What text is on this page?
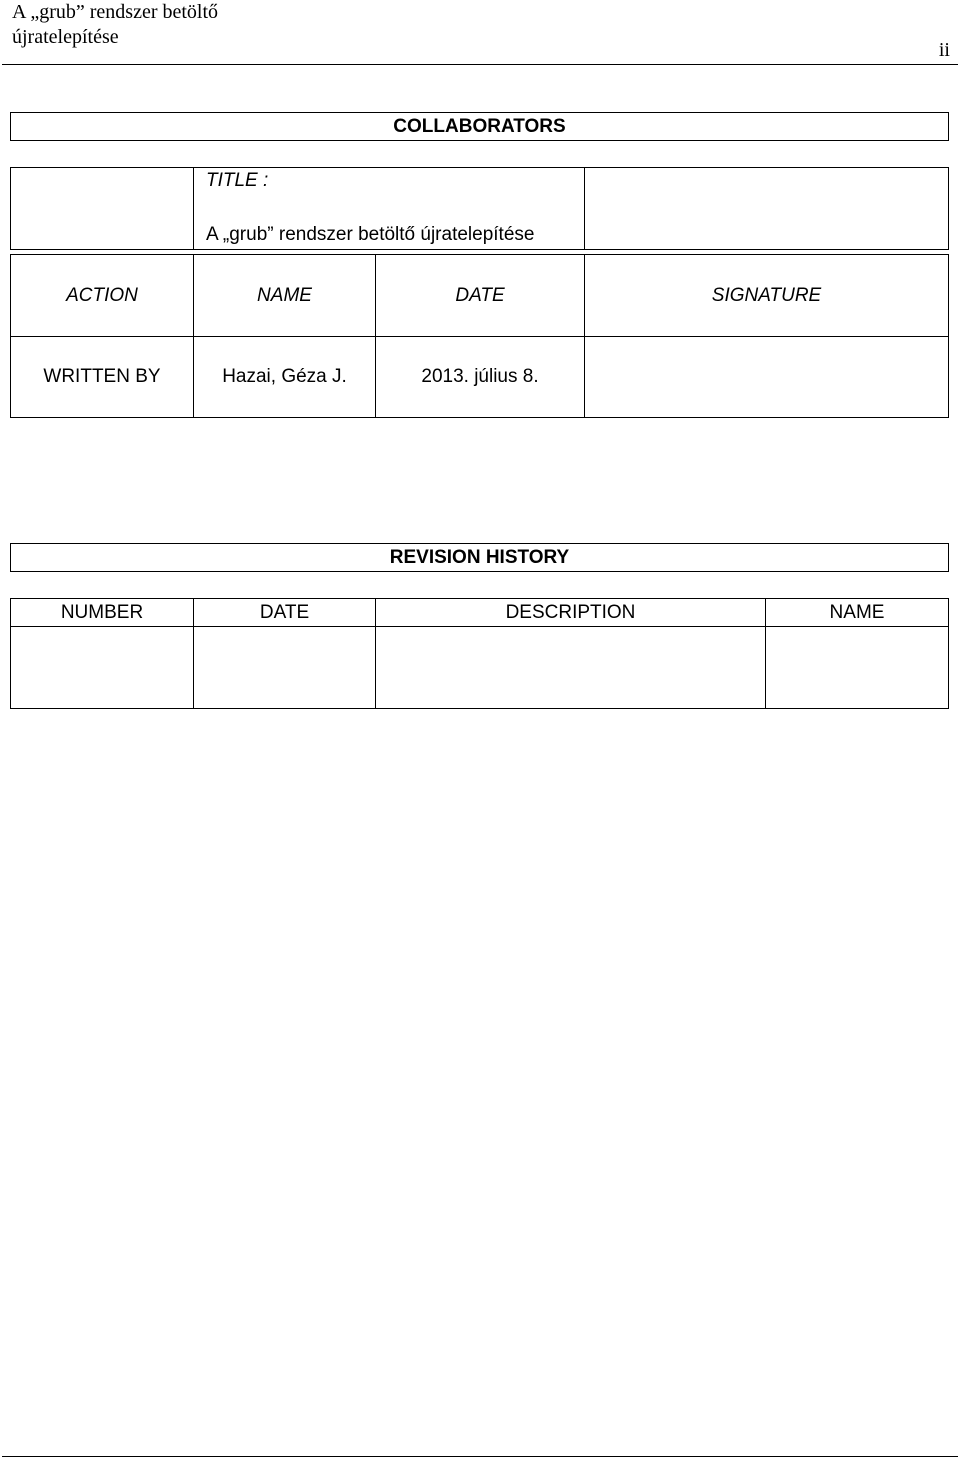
A „grub” rendszer betöltő újratelepítése
ii
COLLABORATORS
TITLE :
A „grub” rendszer betöltő újratelepítése
ACTION	NAME	DATE	SIGNATURE
WRITTEN BY	Hazai, Géza J.	2013. július 8.
REVISION HISTORY
NUMBER	DATE	DESCRIPTION	NAME
